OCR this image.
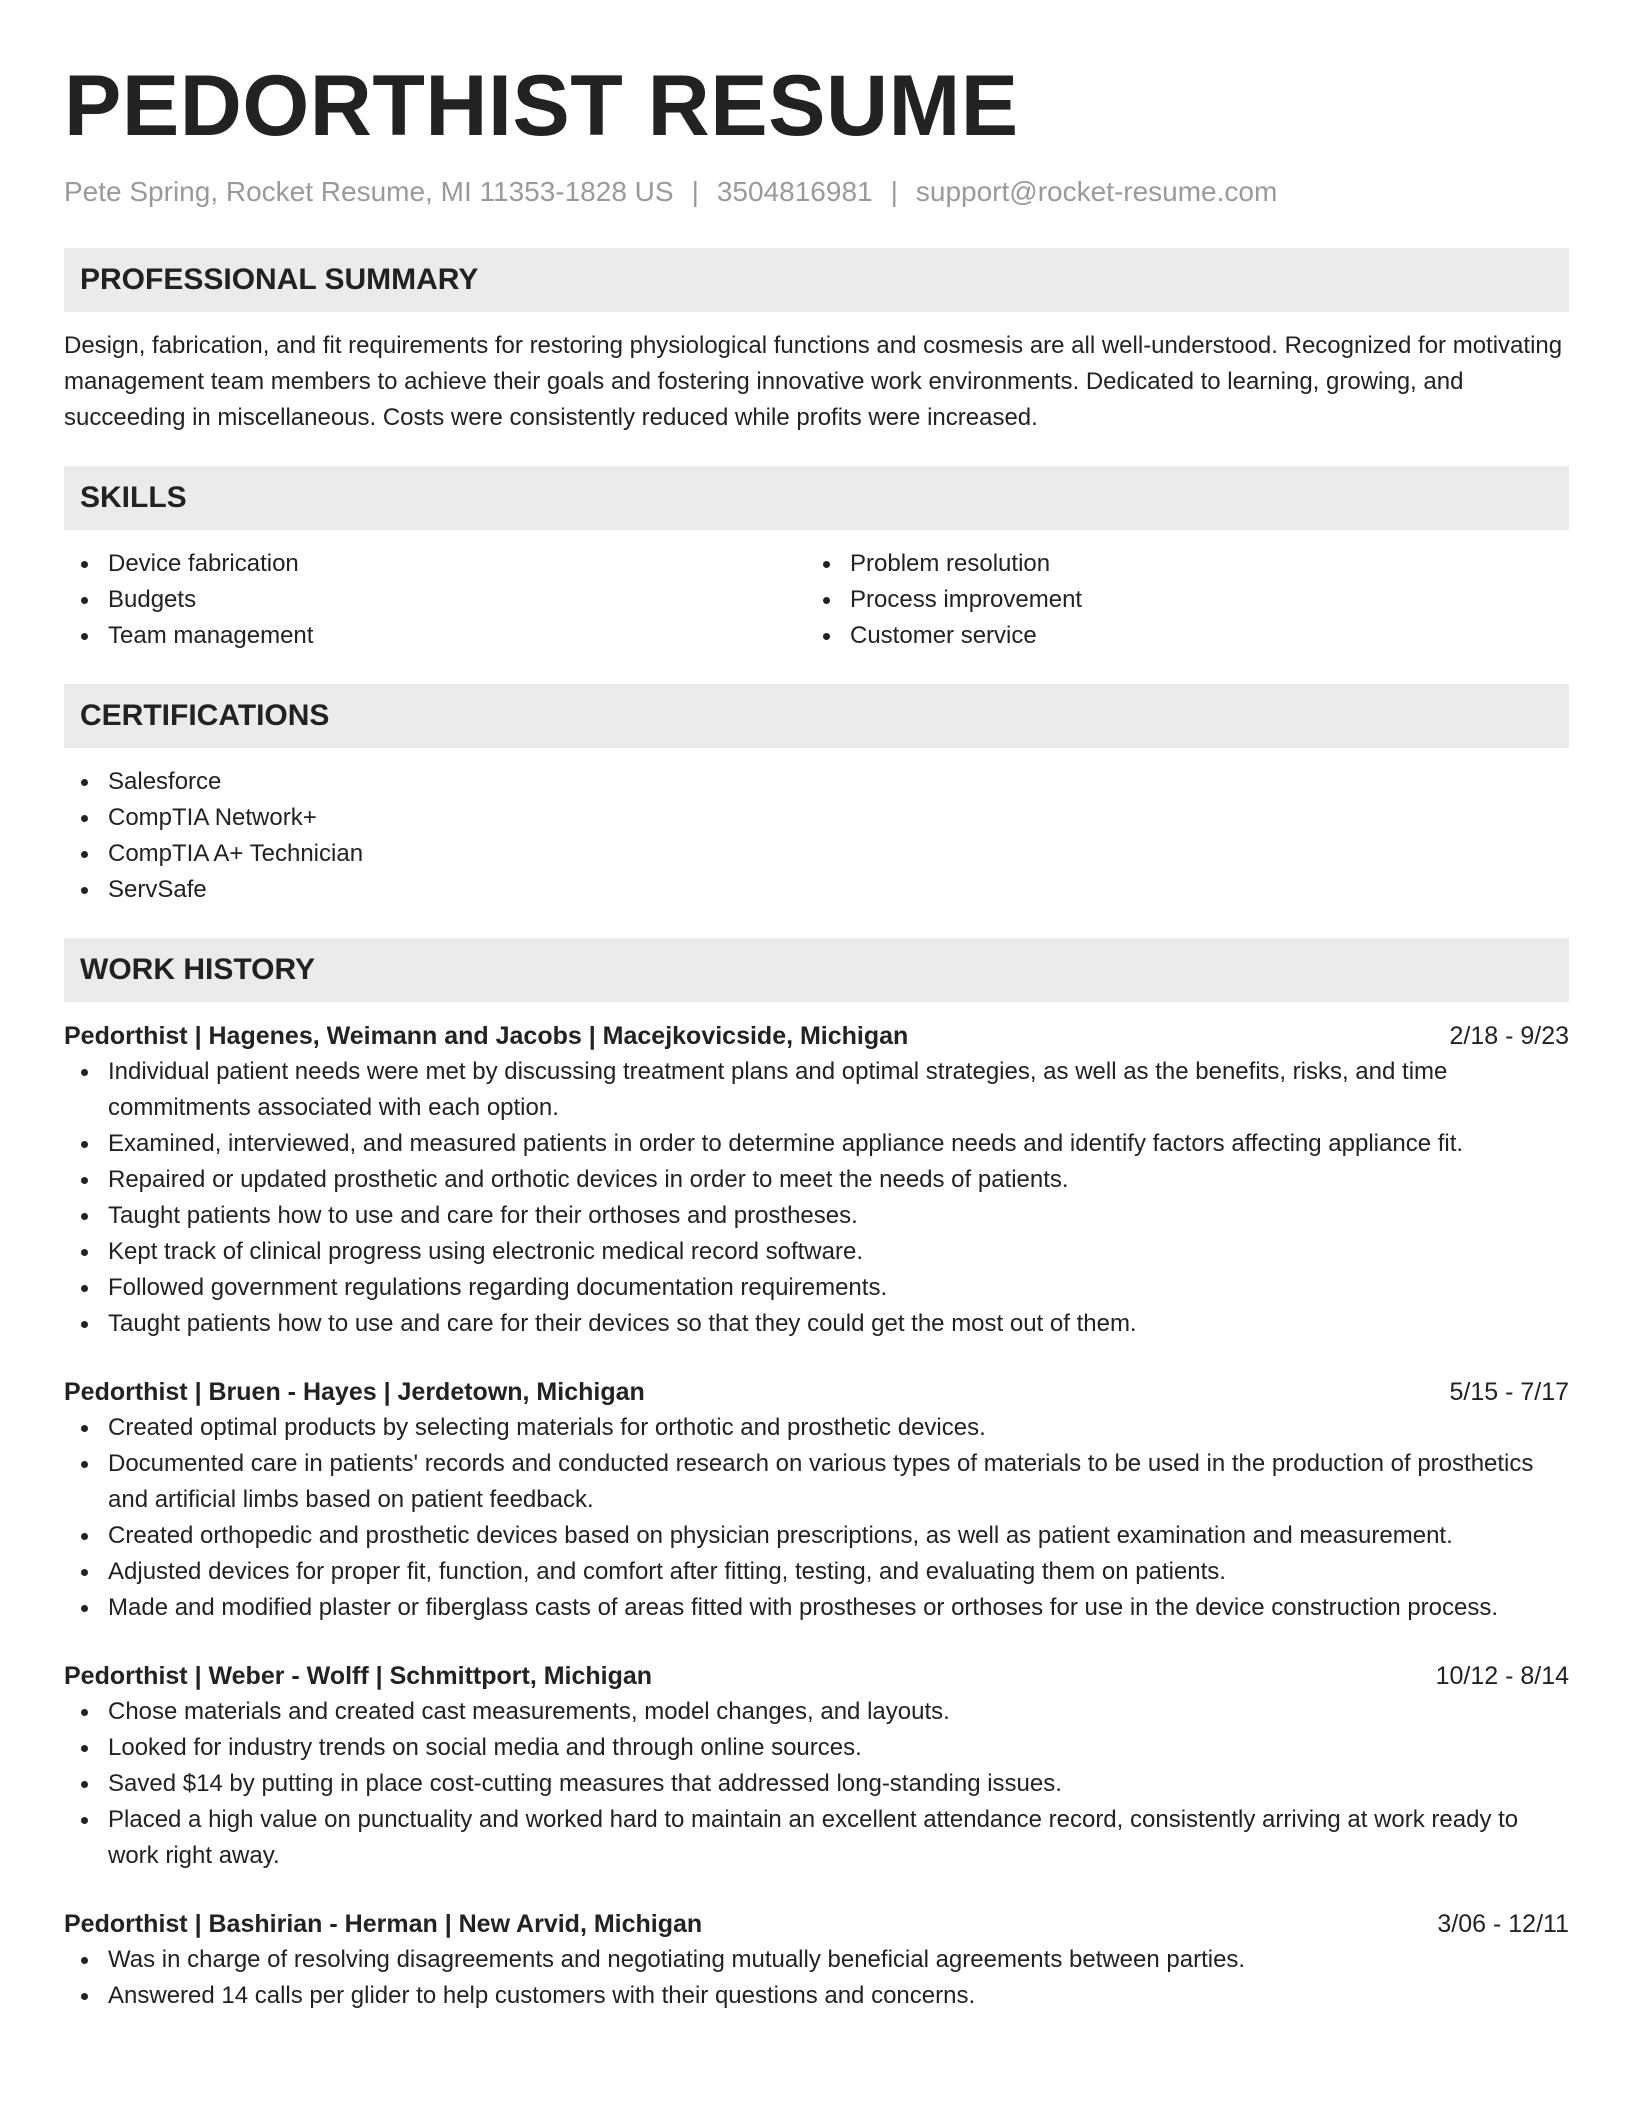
PEDORTHIST RESUME
Pete Spring, Rocket Resume, MI 11353-1828 US | 3504816981 | support@rocket-resume.com
PROFESSIONAL SUMMARY
Design, fabrication, and fit requirements for restoring physiological functions and cosmesis are all well-understood. Recognized for motivating management team members to achieve their goals and fostering innovative work environments. Dedicated to learning, growing, and succeeding in miscellaneous. Costs were consistently reduced while profits were increased.
SKILLS
Device fabrication
Budgets
Team management
Problem resolution
Process improvement
Customer service
CERTIFICATIONS
Salesforce
CompTIA Network+
CompTIA A+ Technician
ServSafe
WORK HISTORY
Pedorthist | Hagenes, Weimann and Jacobs | Macejkovicside, Michigan	2/18 - 9/23
Individual patient needs were met by discussing treatment plans and optimal strategies, as well as the benefits, risks, and time commitments associated with each option.
Examined, interviewed, and measured patients in order to determine appliance needs and identify factors affecting appliance fit.
Repaired or updated prosthetic and orthotic devices in order to meet the needs of patients.
Taught patients how to use and care for their orthoses and prostheses.
Kept track of clinical progress using electronic medical record software.
Followed government regulations regarding documentation requirements.
Taught patients how to use and care for their devices so that they could get the most out of them.
Pedorthist | Bruen - Hayes | Jerdetown, Michigan	5/15 - 7/17
Created optimal products by selecting materials for orthotic and prosthetic devices.
Documented care in patients' records and conducted research on various types of materials to be used in the production of prosthetics and artificial limbs based on patient feedback.
Created orthopedic and prosthetic devices based on physician prescriptions, as well as patient examination and measurement.
Adjusted devices for proper fit, function, and comfort after fitting, testing, and evaluating them on patients.
Made and modified plaster or fiberglass casts of areas fitted with prostheses or orthoses for use in the device construction process.
Pedorthist | Weber - Wolff | Schmittport, Michigan	10/12 - 8/14
Chose materials and created cast measurements, model changes, and layouts.
Looked for industry trends on social media and through online sources.
Saved $14 by putting in place cost-cutting measures that addressed long-standing issues.
Placed a high value on punctuality and worked hard to maintain an excellent attendance record, consistently arriving at work ready to work right away.
Pedorthist | Bashirian - Herman | New Arvid, Michigan	3/06 - 12/11
Was in charge of resolving disagreements and negotiating mutually beneficial agreements between parties.
Answered 14 calls per glider to help customers with their questions and concerns.
